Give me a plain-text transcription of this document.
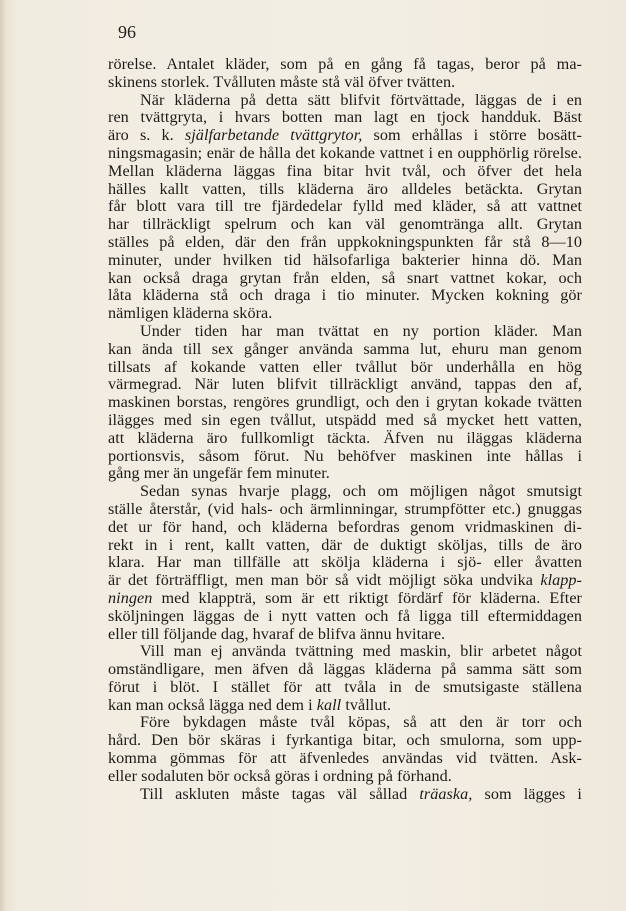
96
rörelse. Antalet kläder, som på en gång få tagas, beror på ma-
skinens storlek. Tvålluten måste stå väl öfver tvätten.
När kläderna på detta sätt blifvit förtvättade, läggas de i en
ren tvättgryta, i hvars botten man lagt en tjock handduk. Bäst
äro s. k. själfarbetande tvättgrytor, som erhållas i större bosätt-
ningsmagasin; enär de hålla det kokande vattnet i en oupphörlig rörelse.
Mellan kläderna läggas fina bitar hvit tvål, och öfver det hela
hälles kallt vatten, tills kläderna äro alldeles betäckta. Grytan
får blott vara till tre fjärdedelar fylld med kläder, så att vattnet
har tillräckligt spelrum och kan väl genomtränga allt. Grytan
ställes på elden, där den från uppkokningspunkten får stå 8—10
minuter, under hvilken tid hälsofarliga bakterier hinna dö. Man
kan också draga grytan från elden, så snart vattnet kokar, och
låta kläderna stå och draga i tio minuter. Mycken kokning gör
nämligen kläderna sköra.
Under tiden har man tvättat en ny portion kläder. Man
kan ända till sex gånger använda samma lut, ehuru man genom
tillsats af kokande vatten eller tvållut bör underhålla en hög
värmegrad. När luten blifvit tillräckligt använd, tappas den af,
maskinen borstas, rengöres grundligt, och den i grytan kokade tvätten
ilägges med sin egen tvållut, utspädd med så mycket hett vatten,
att kläderna äro fullkomligt täckta. Äfven nu iläggas kläderna
portionsvis, såsom förut. Nu behöfver maskinen inte hållas i
gång mer än ungefär fem minuter.
Sedan synas hvarje plagg, och om möjligen något smutsigt
ställe återstår, (vid hals- och ärmlinningar, strumpfötter etc.) gnuggas
det ur för hand, och kläderna befordras genom vridmaskinen di-
rekt in i rent, kallt vatten, där de duktigt sköljas, tills de äro
klara. Har man tillfälle att skölja kläderna i sjö- eller åvatten
är det förträffligt, men man bör så vidt möjligt söka undvika klapp-
ningen med klappträ, som är ett riktigt fördärf för kläderna. Efter
sköljningen läggas de i nytt vatten och få ligga till eftermiddagen
eller till följande dag, hvaraf de blifva ännu hvitare.
Vill man ej använda tvättning med maskin, blir arbetet något
omständligare, men äfven då läggas kläderna på samma sätt som
förut i blöt. I stället för att tvåla in de smutsigaste ställena
kan man också lägga ned dem i kall tvållut.
Före bykdagen måste tvål köpas, så att den är torr och
hård. Den bör skäras i fyrkantiga bitar, och smulorna, som upp-
komma gömmas för att äfvenledes användas vid tvätten. Ask-
eller sodaluten bör också göras i ordning på förhand.
Till askluten måste tagas väl sållad träaska, som lägges i
